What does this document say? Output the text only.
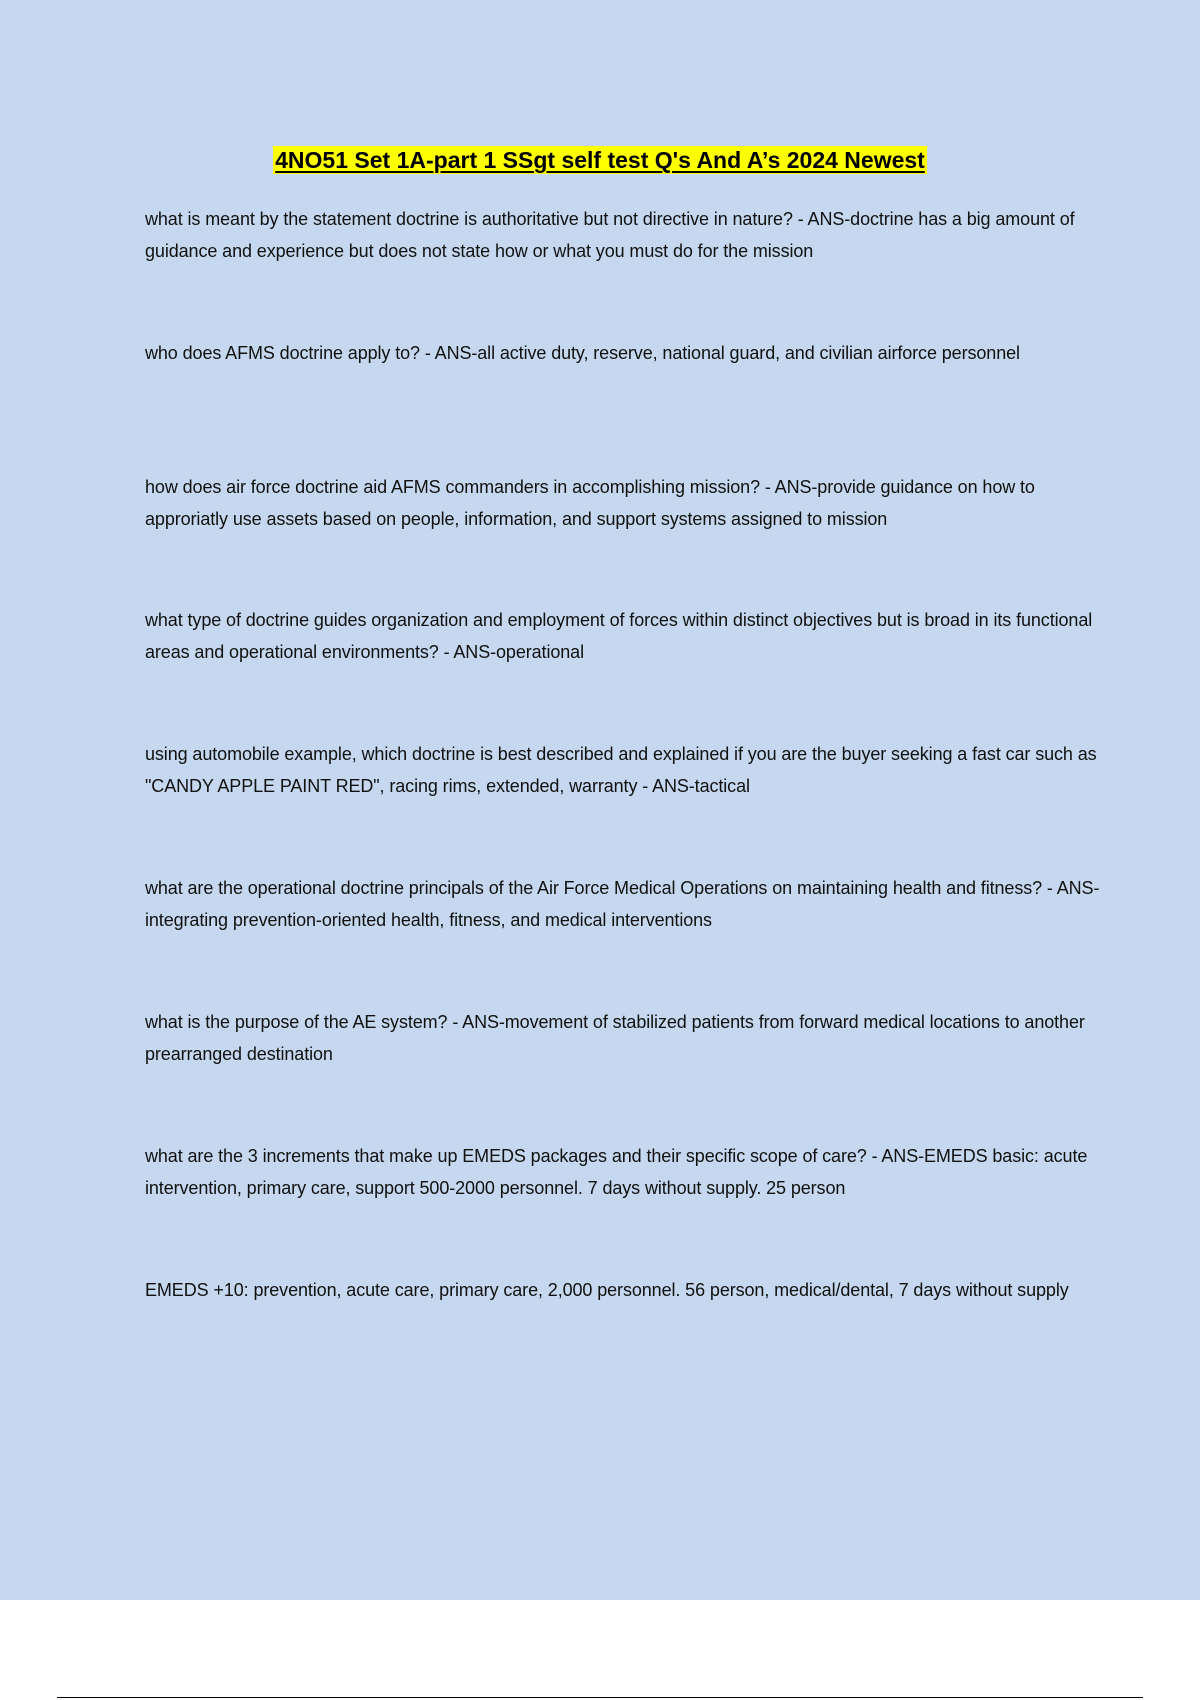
4NO51 Set 1A-part 1 SSgt self test Q's And A’s 2024 Newest

what is meant by the statement doctrine is authoritative but not directive in nature? - ANS-doctrine has a big amount of guidance and experience but does not state how or what you must do for the mission

who does AFMS doctrine apply to? - ANS-all active duty, reserve, national guard, and civilian airforce personnel

how does air force doctrine aid AFMS commanders in accomplishing mission? - ANS-provide guidance on how to approriatly use assets based on people, information, and support systems assigned to mission

what type of doctrine guides organization and employment of forces within distinct objectives but is broad in its functional areas and operational environments? - ANS-operational

using automobile example, which doctrine is best described and explained if you are the buyer seeking a fast car such as "CANDY APPLE PAINT RED", racing rims, extended, warranty - ANS-tactical

what are the operational doctrine principals of the Air Force Medical Operations on maintaining health and fitness? - ANS-integrating prevention-oriented health, fitness, and medical interventions

what is the purpose of the AE system? - ANS-movement of stabilized patients from forward medical locations to another prearranged destination

what are the 3 increments that make up EMEDS packages and their specific scope of care? - ANS-EMEDS basic: acute intervention, primary care, support 500-2000 personnel. 7 days without supply. 25 person

EMEDS +10: prevention, acute care, primary care, 2,000 personnel. 56 person, medical/dental, 7 days without supply
